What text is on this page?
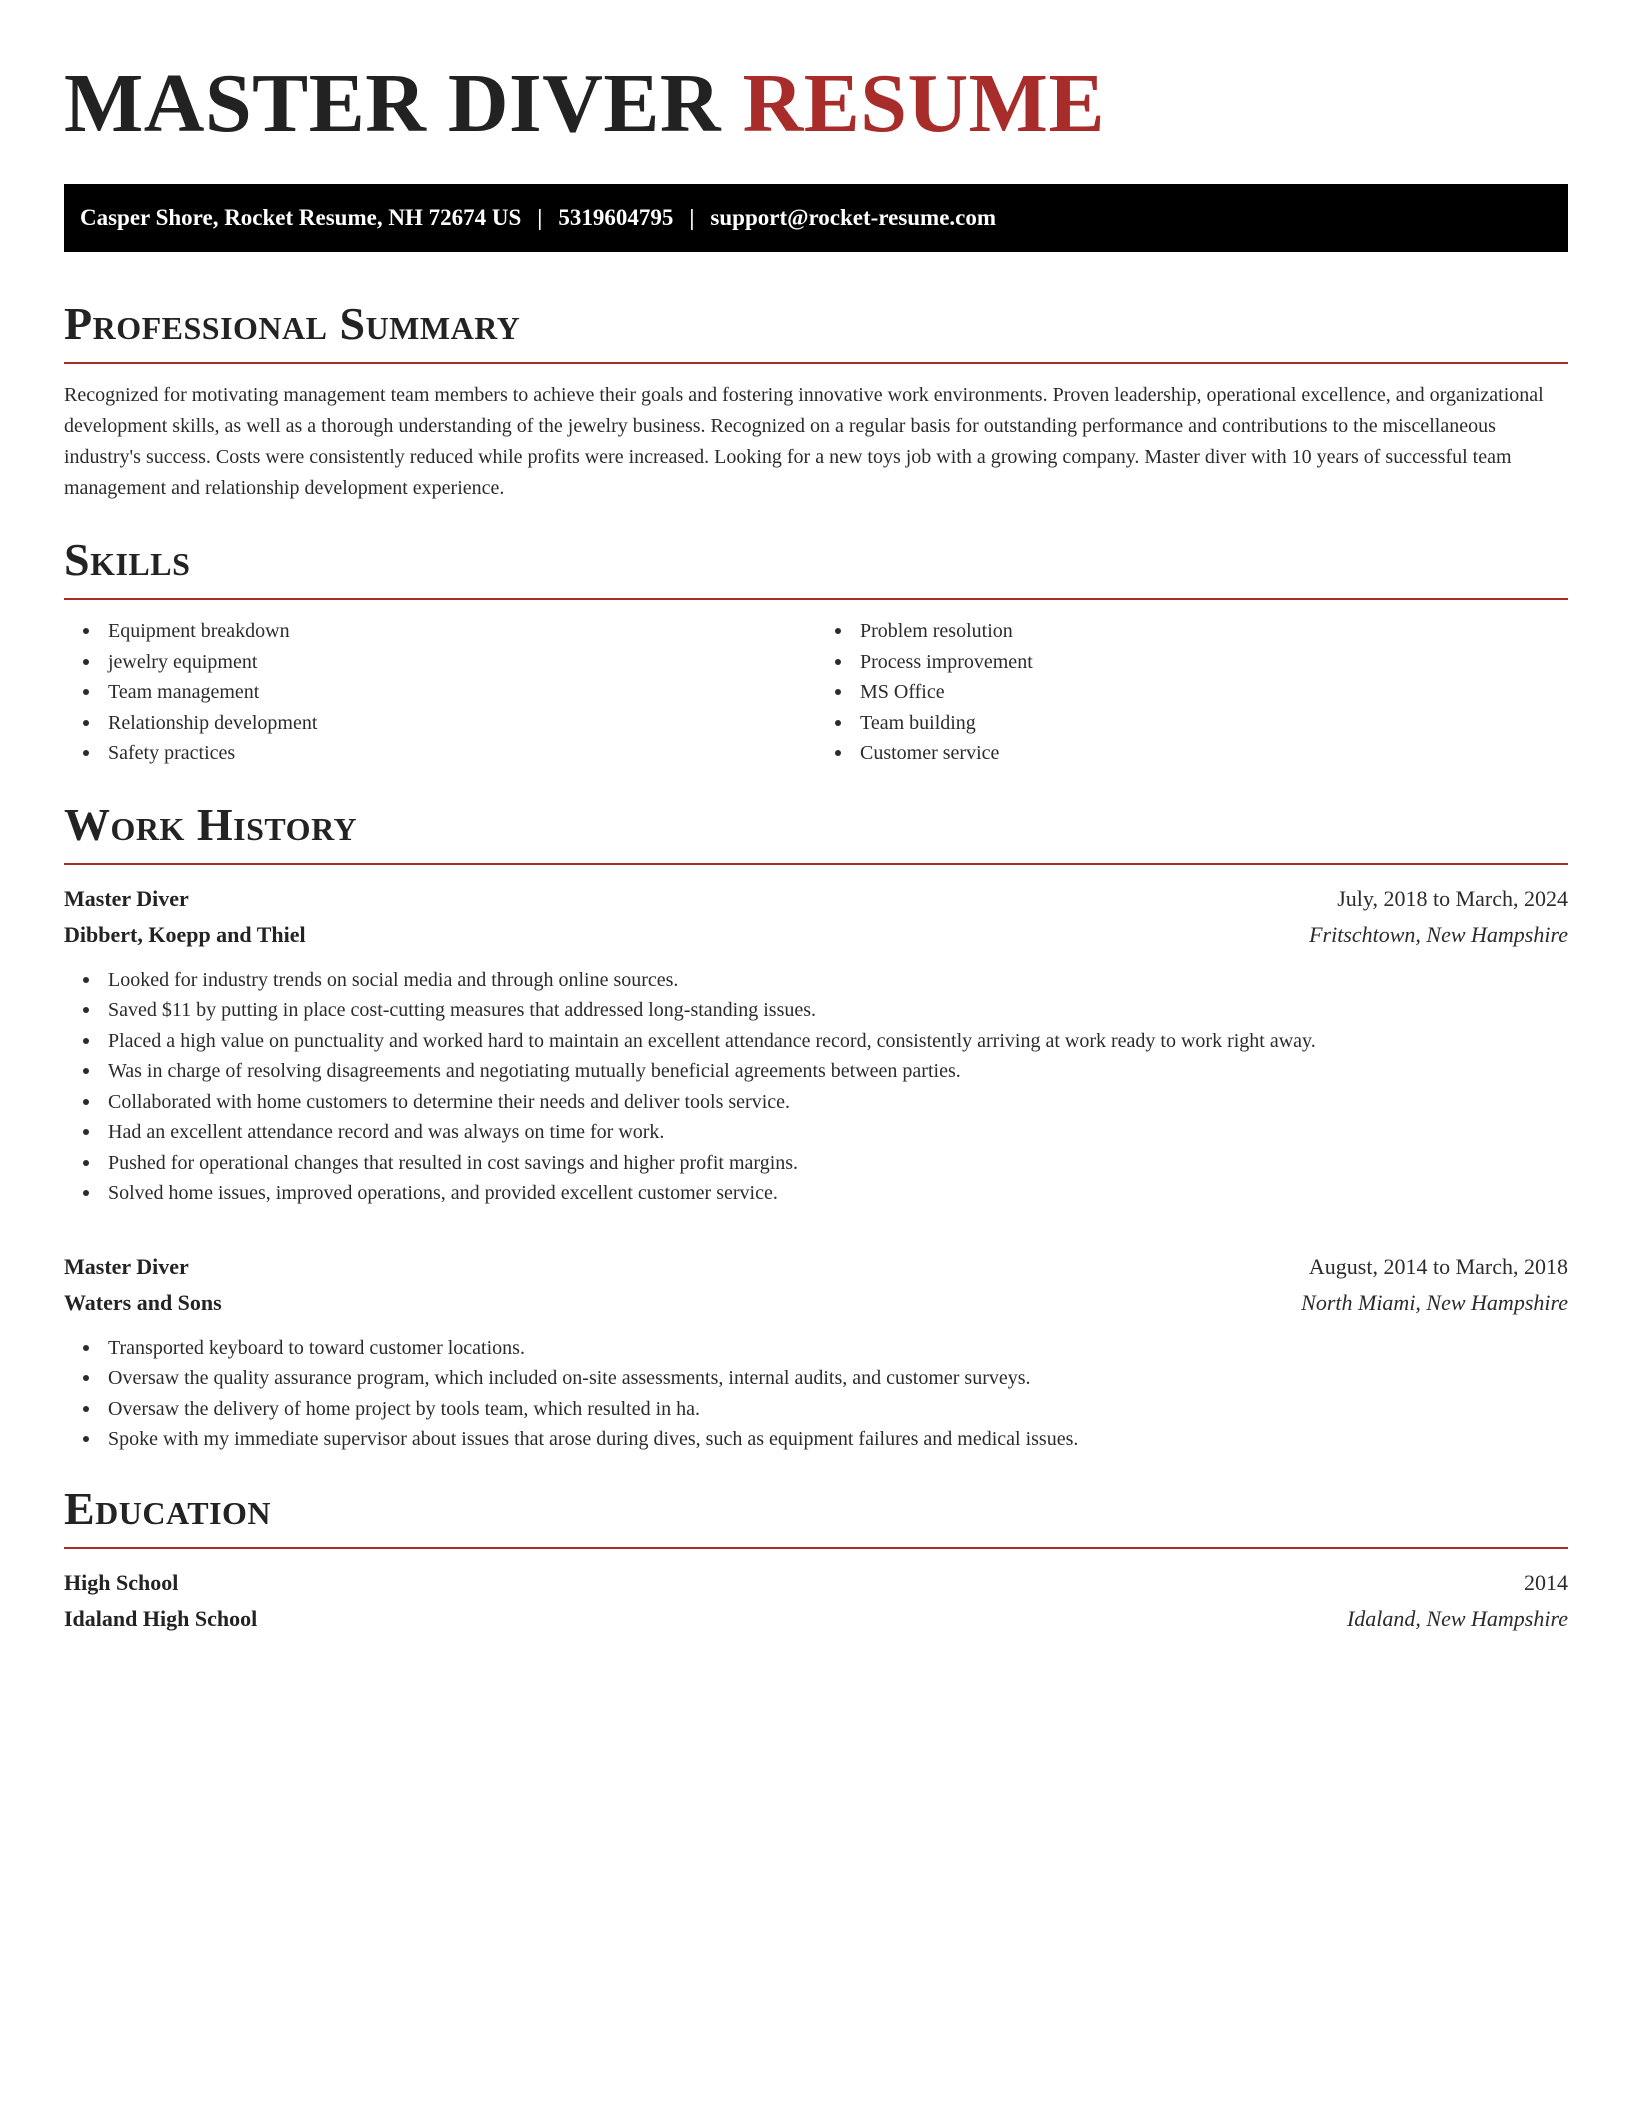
MASTER DIVER RESUME
Casper Shore, Rocket Resume, NH 72674 US | 5319604795 | support@rocket-resume.com
Professional Summary

Recognized for motivating management team members to achieve their goals and fostering innovative work environments. Proven leadership, operational excellence, and organizational development skills, as well as a thorough understanding of the jewelry business. Recognized on a regular basis for outstanding performance and contributions to the miscellaneous industry's success. Costs were consistently reduced while profits were increased. Looking for a new toys job with a growing company. Master diver with 10 years of successful team management and relationship development experience.

Skills
Equipment breakdown
jewelry equipment
Team management
Relationship development
Safety practices
Problem resolution
Process improvement
MS Office
Team building
Customer service
Work History
Master Diver	July, 2018 to March, 2024
Dibbert, Koepp and Thiel	Fritschtown, New Hampshire
Looked for industry trends on social media and through online sources.
Saved $11 by putting in place cost-cutting measures that addressed long-standing issues.
Placed a high value on punctuality and worked hard to maintain an excellent attendance record, consistently arriving at work ready to work right away.
Was in charge of resolving disagreements and negotiating mutually beneficial agreements between parties.
Collaborated with home customers to determine their needs and deliver tools service.
Had an excellent attendance record and was always on time for work.
Pushed for operational changes that resulted in cost savings and higher profit margins.
Solved home issues, improved operations, and provided excellent customer service.
Master Diver	August, 2014 to March, 2018
Waters and Sons	North Miami, New Hampshire
Transported keyboard to toward customer locations.
Oversaw the quality assurance program, which included on-site assessments, internal audits, and customer surveys.
Oversaw the delivery of home project by tools team, which resulted in ha.
Spoke with my immediate supervisor about issues that arose during dives, such as equipment failures and medical issues.
Education
High School	2014
Idaland High School	Idaland, New Hampshire
